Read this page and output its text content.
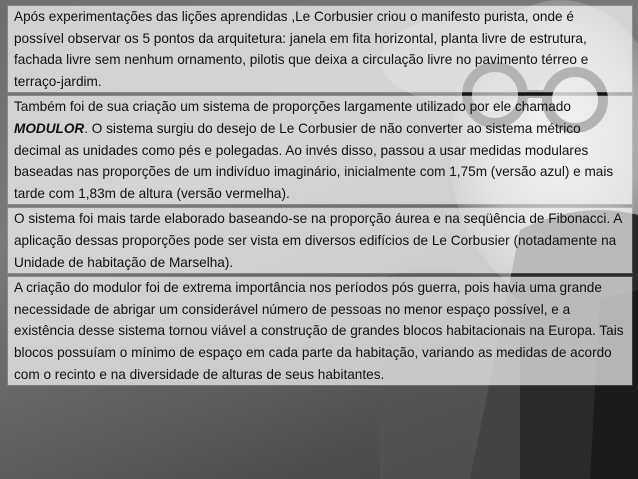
Após experimentações das lições aprendidas ,Le Corbusier criou o manifesto purista, onde é possível observar os 5 pontos da arquitetura: janela em fita horizontal, planta livre de estrutura, fachada livre sem nenhum ornamento, pilotis que deixa a circulação livre no pavimento térreo e terraço-jardim.

Também foi de sua criação um sistema de proporções largamente utilizado por ele chamado MODULOR. O sistema surgiu do desejo de Le Corbusier de não converter ao sistema métrico decimal as unidades como pés e polegadas. Ao invés disso, passou a usar medidas modulares baseadas nas proporções de um indivíduo imaginário, inicialmente com 1,75m (versão azul) e mais tarde com 1,83m de altura (versão vermelha).

O sistema foi mais tarde elaborado baseando-se na proporção áurea e na seqüência de Fibonacci. A aplicação dessas proporções pode ser vista em diversos edifícios de Le Corbusier (notadamente na Unidade de habitação de Marselha).

A criação do modulor foi de extrema importância nos períodos pós guerra, pois havia uma grande necessidade de abrigar um considerável número de pessoas no menor espaço possível, e a existência desse sistema tornou viável a construção de grandes blocos habitacionais na Europa. Tais blocos possuíam o mínimo de espaço em cada parte da habitação, variando as medidas de acordo com o recinto e na diversidade de alturas de seus habitantes.
